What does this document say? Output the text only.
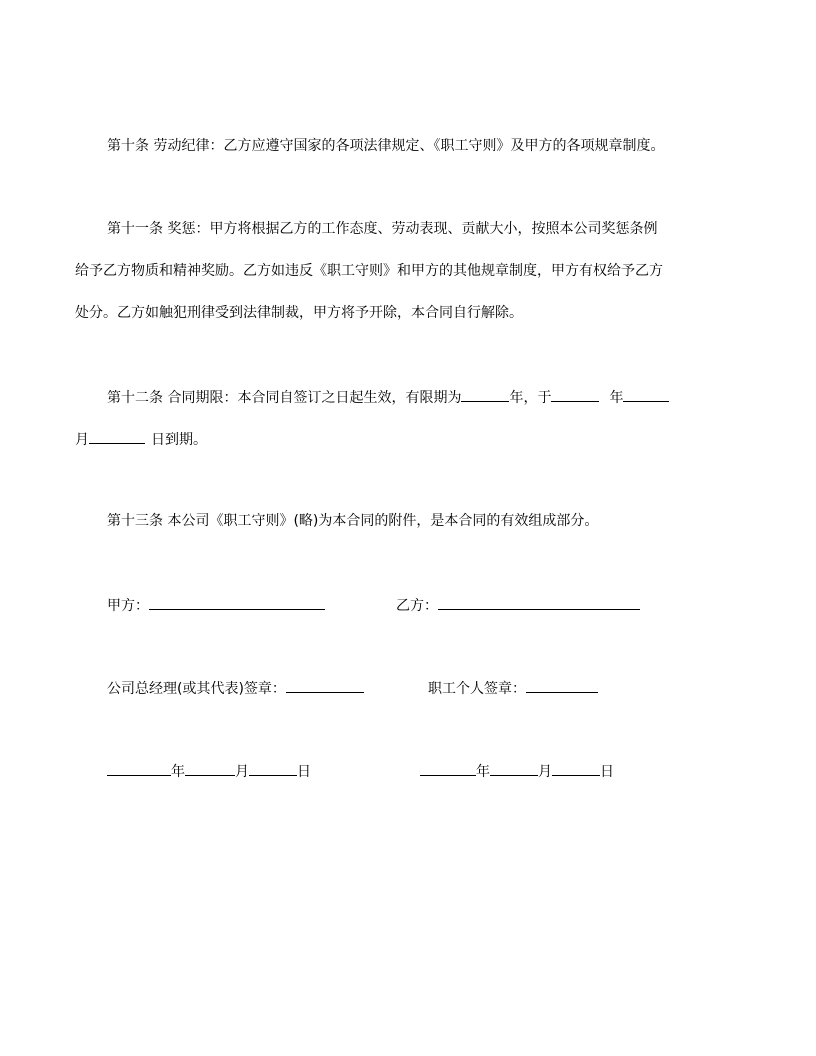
第十条 劳动纪律：乙方应遵守国家的各项法律规定、《职工守则》及甲方的各项规章制度。
第十一条 奖惩：甲方将根据乙方的工作态度、劳动表现、贡献大小，按照本公司奖惩条例
给予乙方物质和精神奖励。乙方如违反《职工守则》和甲方的其他规章制度，甲方有权给予乙方
处分。乙方如触犯刑律受到法律制裁，甲方将予开除，本合同自行解除。
第十二条 合同期限：本合同自签订之日起生效，有限期为	年，于	年
月	日到期。
第十三条 本公司《职工守则》(略)为本合同的附件，是本合同的有效组成部分。
甲方：	乙方：
公司总经理(或其代表)签章：	职工个人签章：
年	月	日	年	月	日
